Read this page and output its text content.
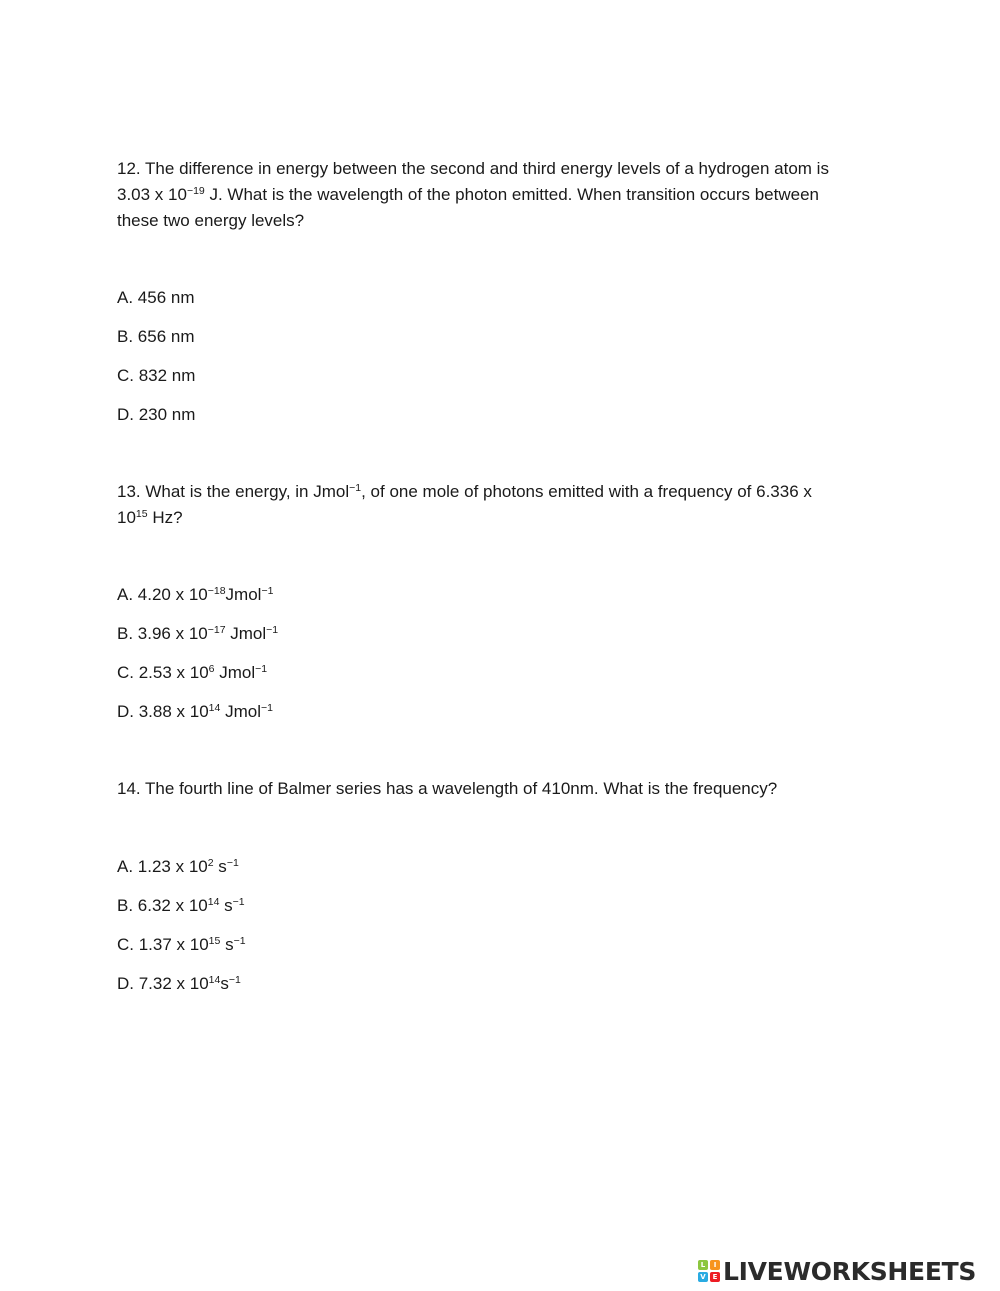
12. The difference in energy between the second and third energy levels of a hydrogen atom is
3.03 x $10^{-19}$ J. What is the wavelength of the photon emitted. When transition occurs between
these two energy levels?
A. 456 nm
B. 656 nm
C. 832 nm
D. 230 nm
13. What is the energy, in Jmol$^{-1}$, of one mole of photons emitted with a frequency of 6.336 x
$10^{15}$ Hz?
A. 4.20 x $10^{-18}Jmol^{-1}$
B. 3.96 x $10^{-17}$ Jmol$^{-1}$
C. 2.53 x $10^6$ Jmol$^{-1}$
D. 3.88 x $10^{14}$ Jmol$^{-1}$
14. The fourth line of Balmer series has a wavelength of 410nm. What is the frequency?
A. 1.23 x $10^2$ $s^{-1}$
B. 6.32 x $10^{14}$ $s^{-1}$
C. 1.37 x $10^{15}$ $s^{-1}$
D. 7.32 x $10^{14}s^{-1}$
L	I
V E LIVEWORKSHEETS
